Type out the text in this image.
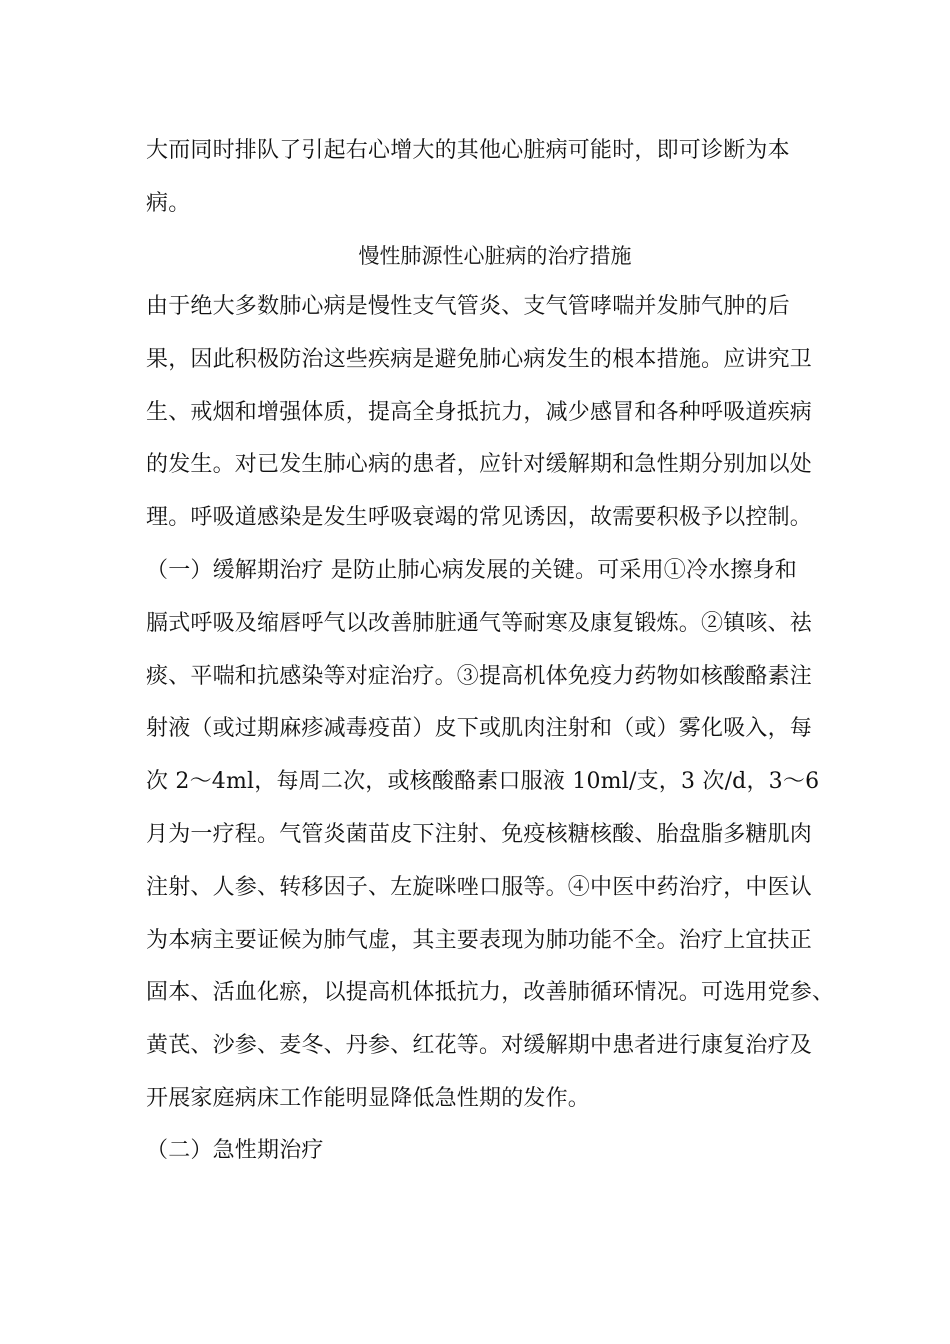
大而同时排队了引起右心增大的其他心脏病可能时，即可诊断为本
病。
慢性肺源性心脏病的治疗措施
由于绝大多数肺心病是慢性支气管炎、支气管哮喘并发肺气肿的后
果，因此积极防治这些疾病是避免肺心病发生的根本措施。应讲究卫
生、戒烟和增强体质，提高全身抵抗力，减少感冒和各种呼吸道疾病
的发生。对已发生肺心病的患者，应针对缓解期和急性期分别加以处
理。呼吸道感染是发生呼吸衰竭的常见诱因，故需要积极予以控制。
（一）缓解期治疗 是防止肺心病发展的关键。可采用①冷水擦身和
膈式呼吸及缩唇呼气以改善肺脏通气等耐寒及康复锻炼。②镇咳、祛
痰、平喘和抗感染等对症治疗。③提高机体免疫力药物如核酸酪素注
射液（或过期麻疹减毒疫苗）皮下或肌肉注射和（或）雾化吸入，每
次 2～4ml，每周二次，或核酸酪素口服液 10ml/支，3 次/d，3～6
月为一疗程。气管炎菌苗皮下注射、免疫核糖核酸、胎盘脂多糖肌肉
注射、人参、转移因子、左旋咪唑口服等。④中医中药治疗，中医认
为本病主要证候为肺气虚，其主要表现为肺功能不全。治疗上宜扶正
固本、活血化瘀，以提高机体抵抗力，改善肺循环情况。可选用党参、
黄芪、沙参、麦冬、丹参、红花等。对缓解期中患者进行康复治疗及
开展家庭病床工作能明显降低急性期的发作。
（二）急性期治疗
